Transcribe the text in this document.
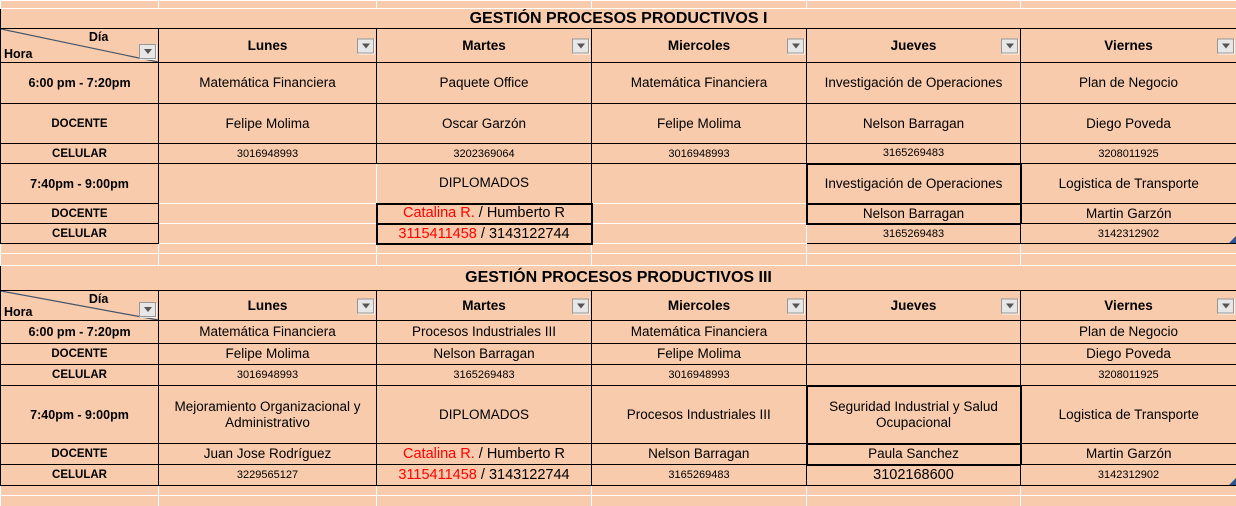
GESTIÓN PROCESOS PRODUCTIVOS I					

Día
Hora	Lunes	Martes	Miercoles	Jueves	Viernes

6:00 pm - 7:20pm	Matemática Financiera	Paquete Office	Matemática Financiera	Investigación de Operaciones	Plan de Negocio
DOCENTE	Felipe Molima	Oscar Garzón	Felipe Molima	Nelson Barragan	Diego Poveda
CELULAR	3016948993	3202369064	3016948993	3165269483	3208011925
7:40pm - 9:00pm		DIPLOMADOS		Investigación de Operaciones	Logistica de Transporte
DOCENTE		Catalina R. / Humberto R		Nelson Barragan	Martin Garzón
CELULAR		3115411458 / 3143122744		3165269483	3142312902

GESTIÓN PROCESOS PRODUCTIVOS III					

Día
Hora	Lunes	Martes	Miercoles	Jueves	Viernes

6:00 pm - 7:20pm	Matemática Financiera	Procesos Industriales III	Matemática Financiera		Plan de Negocio
DOCENTE	Felipe Molima	Nelson Barragan	Felipe Molima		Diego Poveda
CELULAR	3016948993	3165269483	3016948993		3208011925
7:40pm - 9:00pm	Mejoramiento Organizacional y Administrativo	DIPLOMADOS	Procesos Industriales III	Seguridad Industrial y Salud Ocupacional	Logistica de Transporte
DOCENTE	Juan Jose Rodríguez	Catalina R. / Humberto R	Nelson Barragan	Paula Sanchez	Martin Garzón
CELULAR	3229565127	3115411458 / 3143122744	3165269483	3102168600	3142312902
